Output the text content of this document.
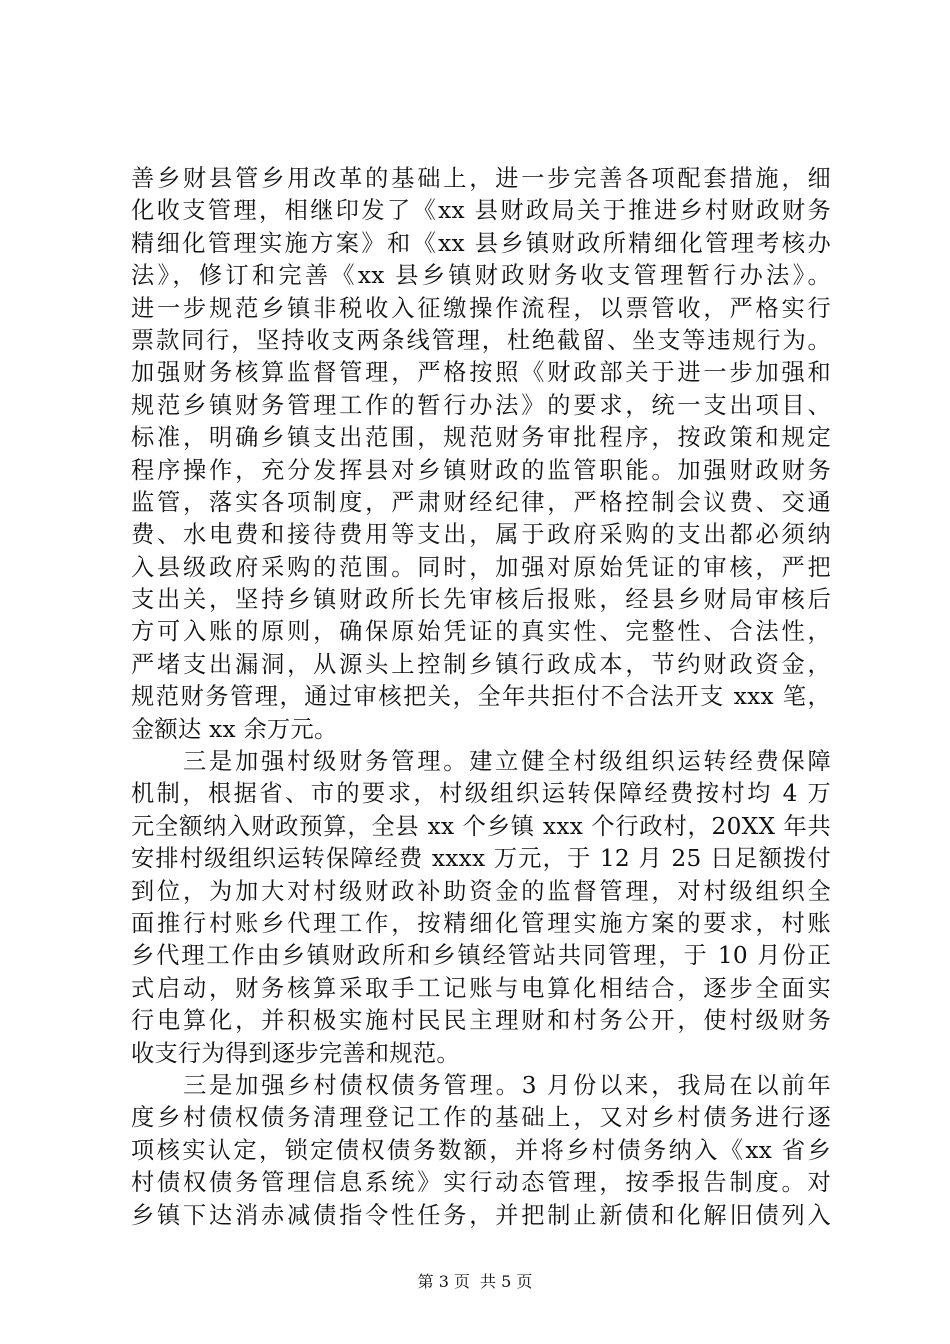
善乡财县管乡用改革的基础上，进一步完善各项配套措施，细
化收支管理，相继印发了《xx 县财政局关于推进乡村财政财务
精细化管理实施方案》和《xx 县乡镇财政所精细化管理考核办
法》，修订和完善《xx 县乡镇财政财务收支管理暂行办法》。
进一步规范乡镇非税收入征缴操作流程，以票管收，严格实行
票款同行，坚持收支两条线管理，杜绝截留、坐支等违规行为。
加强财务核算监督管理，严格按照《财政部关于进一步加强和
规范乡镇财务管理工作的暂行办法》的要求，统一支出项目、
标准，明确乡镇支出范围，规范财务审批程序，按政策和规定
程序操作，充分发挥县对乡镇财政的监管职能。加强财政财务
监管，落实各项制度，严肃财经纪律，严格控制会议费、交通
费、水电费和接待费用等支出，属于政府采购的支出都必须纳
入县级政府采购的范围。同时，加强对原始凭证的审核，严把
支出关，坚持乡镇财政所长先审核后报账，经县乡财局审核后
方可入账的原则，确保原始凭证的真实性、完整性、合法性，
严堵支出漏洞，从源头上控制乡镇行政成本，节约财政资金，
规范财务管理，通过审核把关，全年共拒付不合法开支 xxx 笔，
金额达 xx 余万元。
　　三是加强村级财务管理。建立健全村级组织运转经费保障
机制，根据省、市的要求，村级组织运转保障经费按村均 4 万
元全额纳入财政预算，全县 xx 个乡镇 xxx 个行政村，20XX 年共
安排村级组织运转保障经费 xxxx 万元，于 12 月 25 日足额拨付
到位，为加大对村级财政补助资金的监督管理，对村级组织全
面推行村账乡代理工作，按精细化管理实施方案的要求，村账
乡代理工作由乡镇财政所和乡镇经管站共同管理，于 10 月份正
式启动，财务核算采取手工记账与电算化相结合，逐步全面实
行电算化，并积极实施村民民主理财和村务公开，使村级财务
收支行为得到逐步完善和规范。
　　三是加强乡村债权债务管理。3 月份以来，我局在以前年
度乡村债权债务清理登记工作的基础上，又对乡村债务进行逐
项核实认定，锁定债权债务数额，并将乡村债务纳入《xx 省乡
村债权债务管理信息系统》实行动态管理，按季报告制度。对
乡镇下达消赤减债指令性任务，并把制止新债和化解旧债列入
第 3 页 共 5 页
